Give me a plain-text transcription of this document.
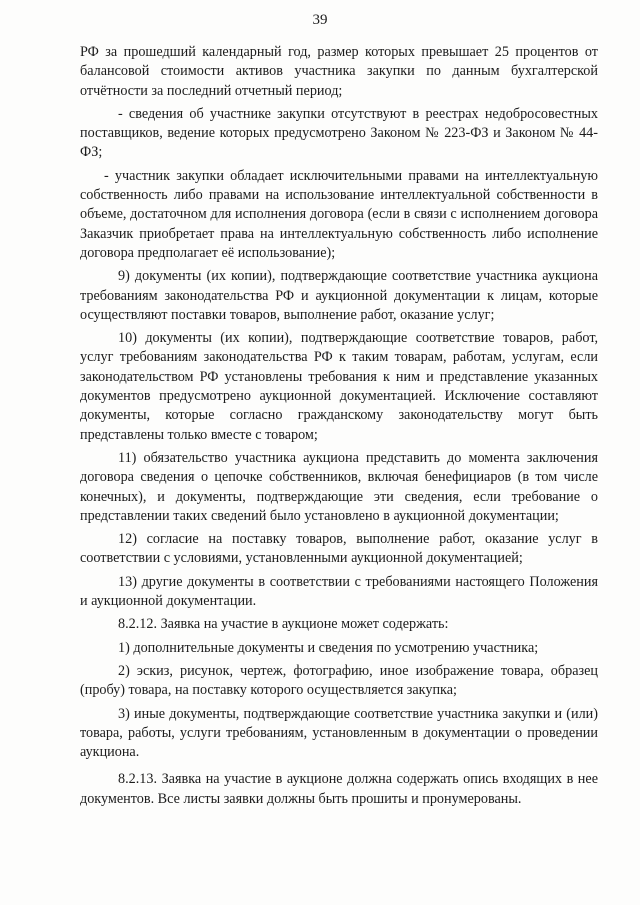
39

РФ за прошедший календарный год, размер которых превышает 25 процентов от балансовой стоимости активов участника закупки по данным бухгалтерской отчётности за последний отчетный период;

- сведения об участнике закупки отсутствуют в реестрах недобросовестных поставщиков, ведение которых предусмотрено Законом № 223-ФЗ и Законом № 44-ФЗ;

- участник закупки обладает исключительными правами на интеллектуальную собственность либо правами на использование интеллектуальной собственности в объеме, достаточном для исполнения договора (если в связи с исполнением договора Заказчик приобретает права на интеллектуальную собственность либо исполнение договора предполагает её использование);

9) документы (их копии), подтверждающие соответствие участника аукциона требованиям законодательства РФ и аукционной документации к лицам, которые осуществляют поставки товаров, выполнение работ, оказание услуг;

10) документы (их копии), подтверждающие соответствие товаров, работ, услуг требованиям законодательства РФ к таким товарам, работам, услугам, если законодательством РФ установлены требования к ним и представление указанных документов предусмотрено аукционной документацией. Исключение составляют документы, которые согласно гражданскому законодательству могут быть представлены только вместе с товаром;

11) обязательство участника аукциона представить до момента заключения договора сведения о цепочке собственников, включая бенефициаров (в том числе конечных), и документы, подтверждающие эти сведения, если требование о представлении таких сведений было установлено в аукционной документации;

12) согласие на поставку товаров, выполнение работ, оказание услуг в соответствии с условиями, установленными аукционной документацией;

13) другие документы в соответствии с требованиями настоящего Положения и аукционной документации.

8.2.12. Заявка на участие в аукционе может содержать:

1) дополнительные документы и сведения по усмотрению участника;

2) эскиз, рисунок, чертеж, фотографию, иное изображение товара, образец (пробу) товара, на поставку которого осуществляется закупка;

3) иные документы, подтверждающие соответствие участника закупки и (или) товара, работы, услуги требованиям, установленным в документации о проведении аукциона.

8.2.13. Заявка на участие в аукционе должна содержать опись входящих в нее документов. Все листы заявки должны быть прошиты и пронумерованы.
